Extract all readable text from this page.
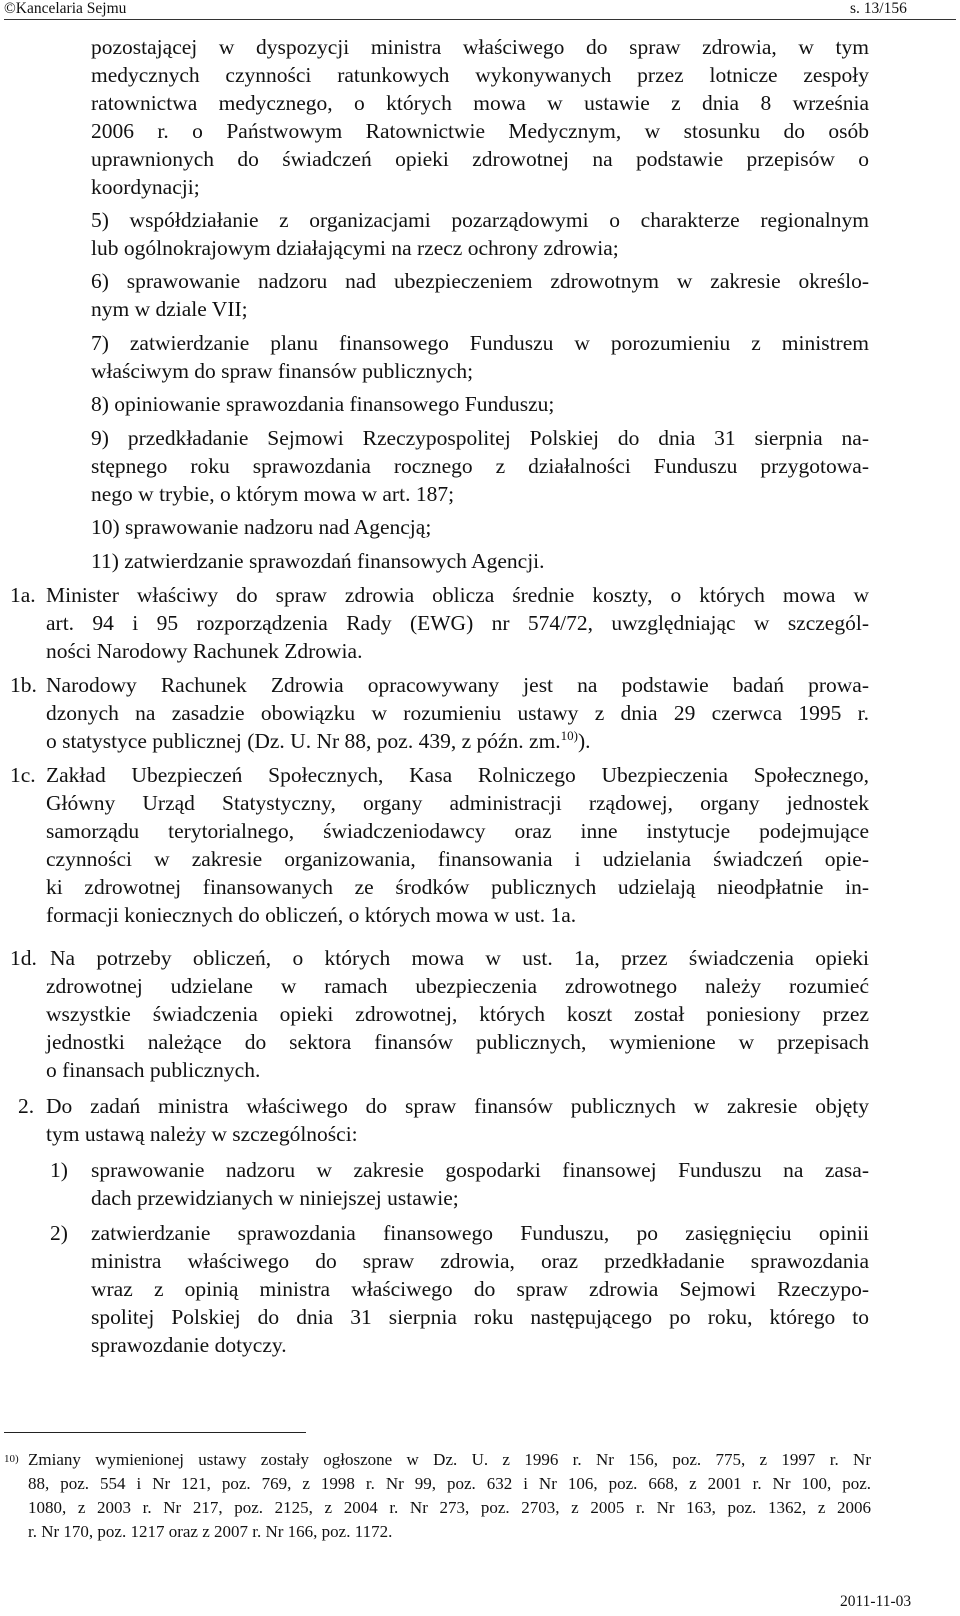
©Kancelaria Sejmu	s. 13/156
pozostającej w dyspozycji ministra właściwego do spraw zdrowia, w tym
medycznych czynności ratunkowych wykonywanych przez lotnicze zespoły
ratownictwa medycznego, o których mowa w ustawie z dnia 8 września
2006 r. o Państwowym Ratownictwie Medycznym, w stosunku do osób
uprawnionych do świadczeń opieki zdrowotnej na podstawie przepisów o
koordynacji;
5) współdziałanie z organizacjami pozarządowymi o charakterze regionalnym
lub ogólnokrajowym działającymi na rzecz ochrony zdrowia;
6) sprawowanie nadzoru nad ubezpieczeniem zdrowotnym w zakresie określo-
nym w dziale VII;
7) zatwierdzanie planu finansowego Funduszu w porozumieniu z ministrem
właściwym do spraw finansów publicznych;
8) opiniowanie sprawozdania finansowego Funduszu;
9) przedkładanie Sejmowi Rzeczypospolitej Polskiej do dnia 31 sierpnia na-
stępnego roku sprawozdania rocznego z działalności Funduszu przygotowa-
nego w trybie, o którym mowa w art. 187;
10) sprawowanie nadzoru nad Agencją;
11) zatwierdzanie sprawozdań finansowych Agencji.
1a. Minister właściwy do spraw zdrowia oblicza średnie koszty, o których mowa w
art. 94 i 95 rozporządzenia Rady (EWG) nr 574/72, uwzględniając w szczegól-
ności Narodowy Rachunek Zdrowia.
1b. Narodowy Rachunek Zdrowia opracowywany jest na podstawie badań prowa-
dzonych na zasadzie obowiązku w rozumieniu ustawy z dnia 29 czerwca 1995 r.
o statystyce publicznej (Dz. U. Nr 88, poz. 439, z późn. zm.$^{10)}$).
1c. Zakład Ubezpieczeń Społecznych, Kasa Rolniczego Ubezpieczenia Społecznego,
Główny Urząd Statystyczny, organy administracji rządowej, organy jednostek
samorządu terytorialnego, świadczeniodawcy oraz inne instytucje podejmujące
czynności w zakresie organizowania, finansowania i udzielania świadczeń opie-
ki zdrowotnej finansowanych ze środków publicznych udzielają nieodpłatnie in-
formacji koniecznych do obliczeń, o których mowa w ust. 1a.
1d. Na potrzeby obliczeń, o których mowa w ust. 1a, przez świadczenia opieki
zdrowotnej udzielane w ramach ubezpieczenia zdrowotnego należy rozumieć
wszystkie świadczenia opieki zdrowotnej, których koszt został poniesiony przez
jednostki należące do sektora finansów publicznych, wymienione w przepisach
o finansach publicznych.
2. Do zadań ministra właściwego do spraw finansów publicznych w zakresie objęty
tym ustawą należy w szczególności:
1) sprawowanie nadzoru w zakresie gospodarki finansowej Funduszu na zasa-
dach przewidzianych w niniejszej ustawie;
2) zatwierdzanie sprawozdania finansowego Funduszu, po zasięgnięciu opinii
ministra właściwego do spraw zdrowia, oraz przedkładanie sprawozdania
wraz z opinią ministra właściwego do spraw zdrowia Sejmowi Rzeczypo-
spolitej Polskiej do dnia 31 sierpnia roku następującego po roku, którego to
sprawozdanie dotyczy.
10) Zmiany wymienionej ustawy zostały ogłoszone w Dz. U. z 1996 r. Nr 156, poz. 775, z 1997 r. Nr
88, poz. 554 i Nr 121, poz. 769, z 1998 r. Nr 99, poz. 632 i Nr 106, poz. 668, z 2001 r. Nr 100, poz.
1080, z 2003 r. Nr 217, poz. 2125, z 2004 r. Nr 273, poz. 2703, z 2005 r. Nr 163, poz. 1362, z 2006
r. Nr 170, poz. 1217 oraz z 2007 r. Nr 166, poz. 1172.
2011-11-03
